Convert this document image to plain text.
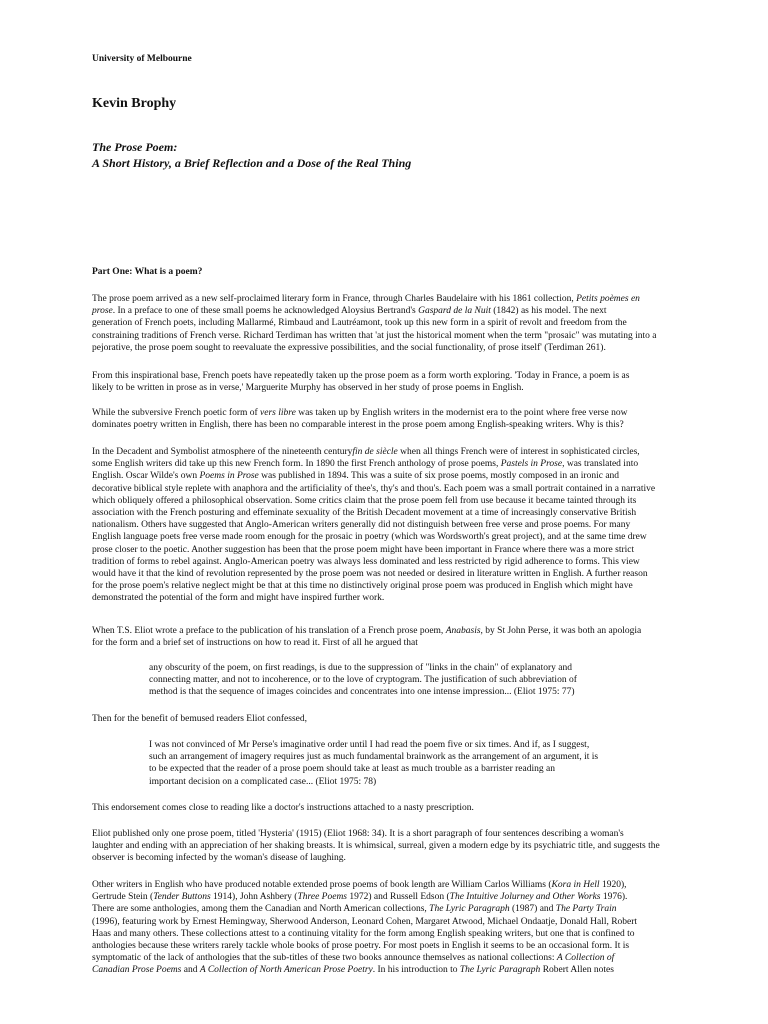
University of Melbourne
Kevin Brophy
The Prose Poem:
A Short History, a Brief Reflection and a Dose of the Real Thing
Part One: What is a poem?
The prose poem arrived as a new self-proclaimed literary form in France, through Charles Baudelaire with his 1861 collection, Petits poèmes en
prose. In a preface to one of these small poems he acknowledged Aloysius Bertrand's Gaspard de la Nuit (1842) as his model. The next
generation of French poets, including Mallarmé, Rimbaud and Lautréamont, took up this new form in a spirit of revolt and freedom from the
constraining traditions of French verse. Richard Terdiman has written that 'at just the historical moment when the term "prosaic" was mutating into a
pejorative, the prose poem sought to reevaluate the expressive possibilities, and the social functionality, of prose itself' (Terdiman 261).
From this inspirational base, French poets have repeatedly taken up the prose poem as a form worth exploring. 'Today in France, a poem is as
likely to be written in prose as in verse,' Marguerite Murphy has observed in her study of prose poems in English.
While the subversive French poetic form of vers libre was taken up by English writers in the modernist era to the point where free verse now
dominates poetry written in English, there has been no comparable interest in the prose poem among English-speaking writers. Why is this?
In the Decadent and Symbolist atmosphere of the nineteenth centuryfin de siècle when all things French were of interest in sophisticated circles,
some English writers did take up this new French form. In 1890 the first French anthology of prose poems, Pastels in Prose, was translated into
English. Oscar Wilde's own Poems in Prose was published in 1894. This was a suite of six prose poems, mostly composed in an ironic and
decorative biblical style replete with anaphora and the artificiality of thee's, thy's and thou's. Each poem was a small portrait contained in a narrative
which obliquely offered a philosophical observation. Some critics claim that the prose poem fell from use because it became tainted through its
association with the French posturing and effeminate sexuality of the British Decadent movement at a time of increasingly conservative British
nationalism. Others have suggested that Anglo-American writers generally did not distinguish between free verse and prose poems. For many
English language poets free verse made room enough for the prosaic in poetry (which was Wordsworth's great project), and at the same time drew
prose closer to the poetic. Another suggestion has been that the prose poem might have been important in France where there was a more strict
tradition of forms to rebel against. Anglo-American poetry was always less dominated and less restricted by rigid adherence to forms. This view
would have it that the kind of revolution represented by the prose poem was not needed or desired in literature written in English. A further reason
for the prose poem's relative neglect might be that at this time no distinctively original prose poem was produced in English which might have
demonstrated the potential of the form and might have inspired further work.
When T.S. Eliot wrote a preface to the publication of his translation of a French prose poem, Anabasis, by St John Perse, it was both an apologia
for the form and a brief set of instructions on how to read it. First of all he argued that
any obscurity of the poem, on first readings, is due to the suppression of "links in the chain" of explanatory and
connecting matter, and not to incoherence, or to the love of cryptogram. The justification of such abbreviation of
method is that the sequence of images coincides and concentrates into one intense impression... (Eliot 1975: 77)
Then for the benefit of bemused readers Eliot confessed,
I was not convinced of Mr Perse's imaginative order until I had read the poem five or six times. And if, as I suggest,
such an arrangement of imagery requires just as much fundamental brainwork as the arrangement of an argument, it is
to be expected that the reader of a prose poem should take at least as much trouble as a barrister reading an
important decision on a complicated case... (Eliot 1975: 78)
This endorsement comes close to reading like a doctor's instructions attached to a nasty prescription.
Eliot published only one prose poem, titled 'Hysteria' (1915) (Eliot 1968: 34). It is a short paragraph of four sentences describing a woman's
laughter and ending with an appreciation of her shaking breasts. It is whimsical, surreal, given a modern edge by its psychiatric title, and suggests the
observer is becoming infected by the woman's disease of laughing.
Other writers in English who have produced notable extended prose poems of book length are William Carlos Williams (Kora in Hell 1920),
Gertrude Stein (Tender Buttons 1914), John Ashbery (Three Poems 1972) and Russell Edson (The Intuitive Jolurney and Other Works 1976).
There are some anthologies, among them the Canadian and North American collections, The Lyric Paragraph (1987) and The Party Train
(1996), featuring work by Ernest Hemingway, Sherwood Anderson, Leonard Cohen, Margaret Atwood, Michael Ondaatje, Donald Hall, Robert
Haas and many others. These collections attest to a continuing vitality for the form among English speaking writers, but one that is confined to
anthologies because these writers rarely tackle whole books of prose poetry. For most poets in English it seems to be an occasional form. It is
symptomatic of the lack of anthologies that the sub-titles of these two books announce themselves as national collections: A Collection of
Canadian Prose Poems and A Collection of North American Prose Poetry. In his introduction to The Lyric Paragraph Robert Allen notes
